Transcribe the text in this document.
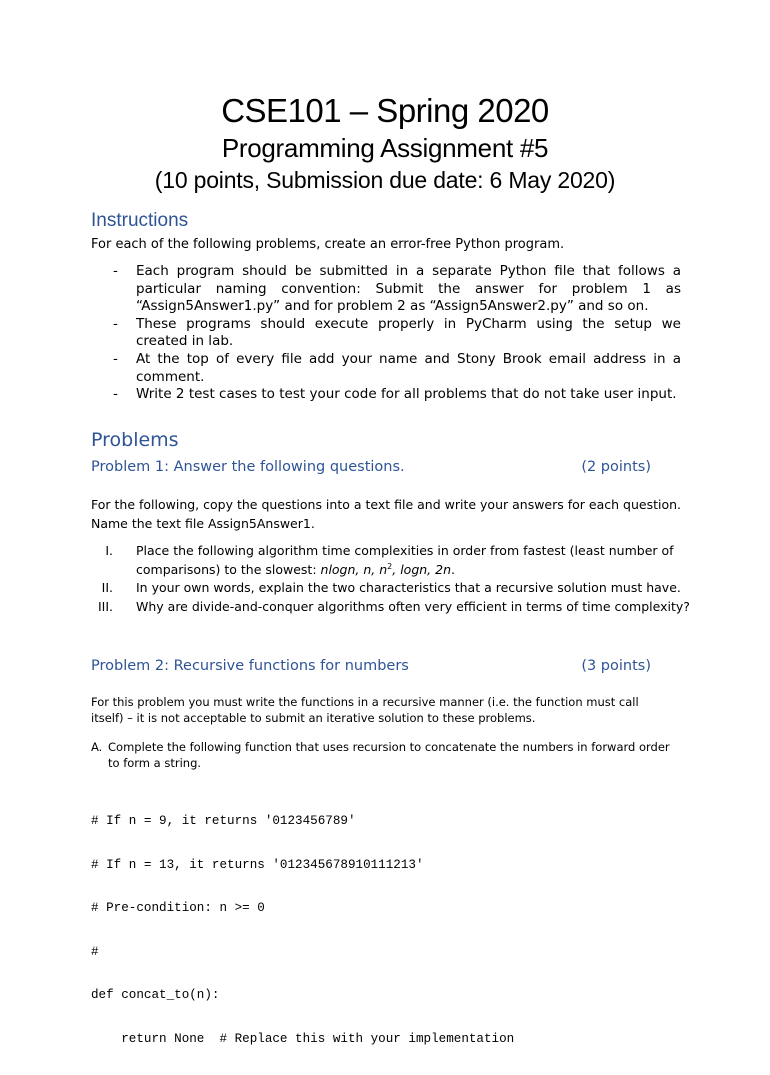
CSE101 – Spring 2020
Programming Assignment #5
(10 points, Submission due date: 6 May 2020)
Instructions
For each of the following problems, create an error-free Python program.
- Each program should be submitted in a separate Python file that follows a particular naming convention: Submit the answer for problem 1 as “Assign5Answer1.py” and for problem 2 as “Assign5Answer2.py” and so on.
- These programs should execute properly in PyCharm using the setup we created in lab.
- At the top of every file add your name and Stony Brook email address in a comment.
- Write 2 test cases to test your code for all problems that do not take user input.
Problems
Problem 1: Answer the following questions.	(2 points)
For the following, copy the questions into a text file and write your answers for each question. Name the text file Assign5Answer1.
I. Place the following algorithm time complexities in order from fastest (least number of comparisons) to the slowest: nlogn, n, $n^2$, logn, 2n.
II. In your own words, explain the two characteristics that a recursive solution must have.
III. Why are divide-and-conquer algorithms often very efficient in terms of time complexity?
Problem 2: Recursive functions for numbers	(3 points)
For this problem you must write the functions in a recursive manner (i.e. the function must call itself) – it is not acceptable to submit an iterative solution to these problems.
A. Complete the following function that uses recursion to concatenate the numbers in forward order to form a string.

# If n = 9, it returns '0123456789'

# If n = 13, it returns '012345678910111213'

# Pre-condition: n >= 0

#

def concat_to(n):

return None  # Replace this with your implementation
